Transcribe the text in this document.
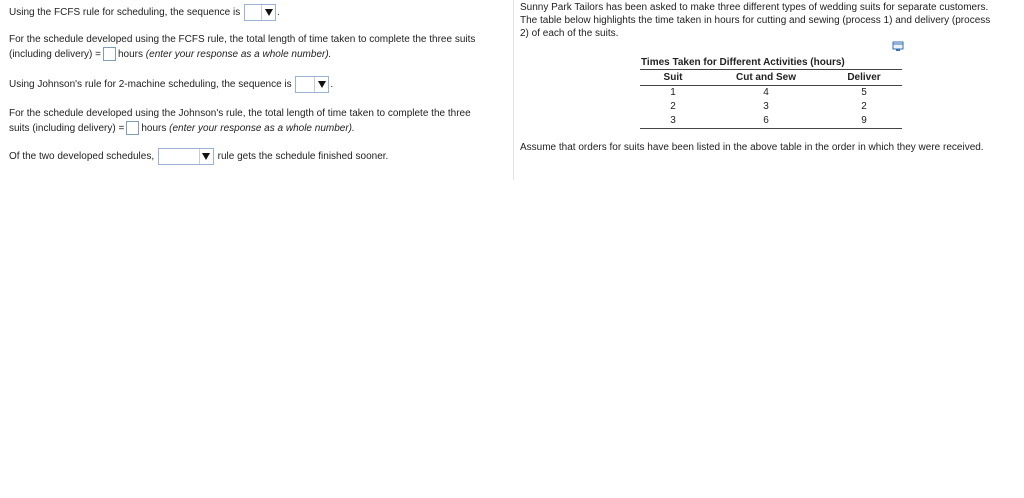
Using the FCFS rule for scheduling, the sequence is	.
For the schedule developed using the FCFS rule, the total length of time taken to complete the three suits
(including delivery) = hours (enter your response as a whole number).
Using Johnson's rule for 2-machine scheduling, the sequence is	.
For the schedule developed using the Johnson's rule, the total length of time taken to complete the three
suits (including delivery) = hours (enter your response as a whole number).
Of the two developed schedules,	rule gets the schedule finished sooner.
Sunny Park Tailors has been asked to make three different types of wedding suits for separate customers.
The table below highlights the time taken in hours for cutting and sewing (process 1) and delivery (process
2) of each of the suits.
Times Taken for Different Activities (hours)
Suit	Cut and Sew	Deliver
1	4	5
2	3	2
3	6	9
Assume that orders for suits have been listed in the above table in the order in which they were received.
